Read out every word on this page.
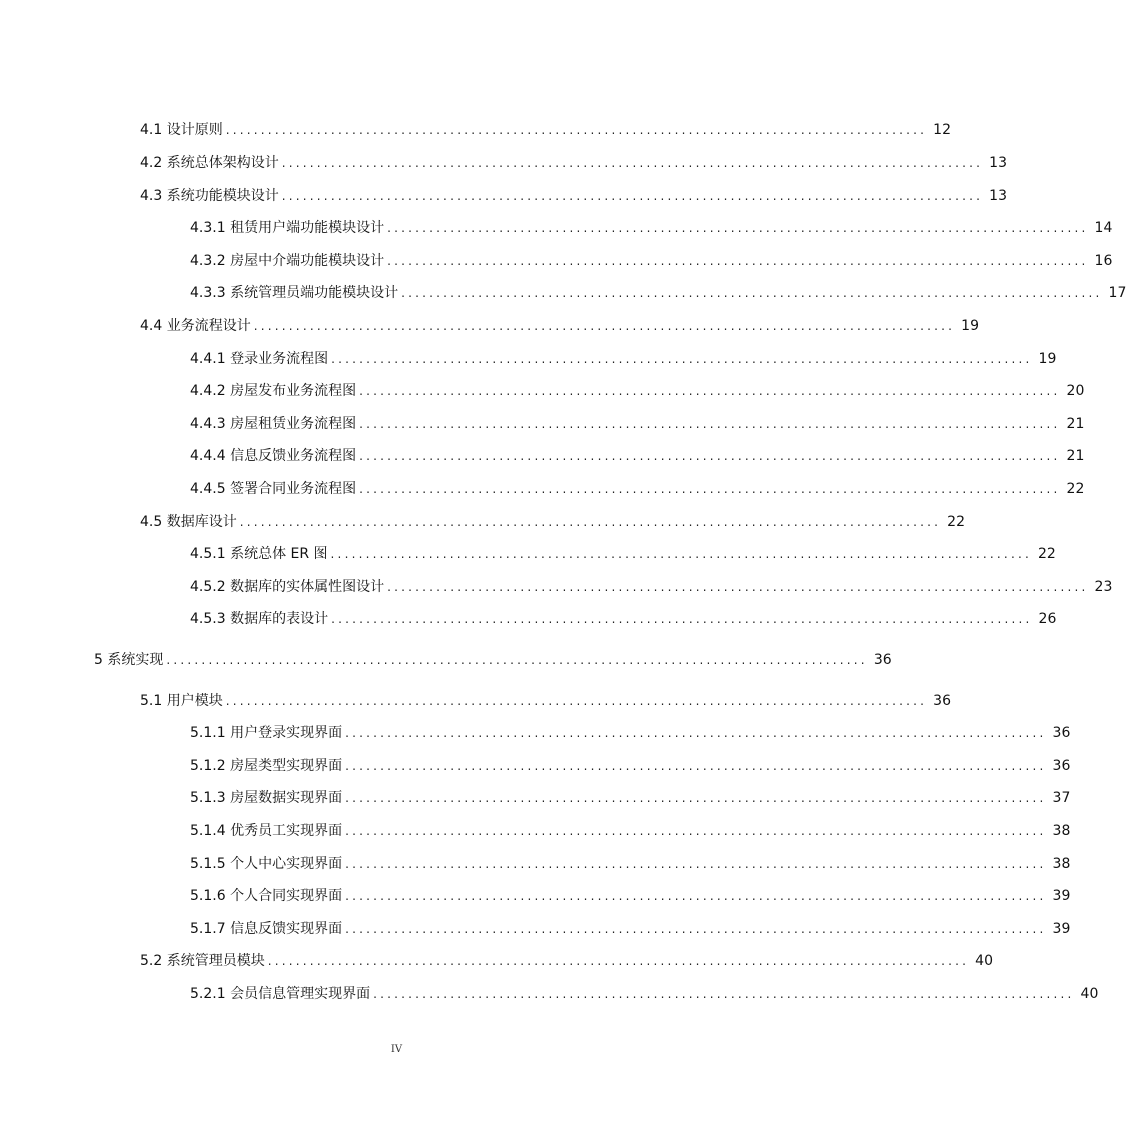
4.1 设计原则 .................................................................................................... 12
4.2 系统总体架构设计 .................................................................................................... 13
4.3 系统功能模块设计 .................................................................................................... 13
4.3.1 租赁用户端功能模块设计 .................................................................................................... 14
4.3.2 房屋中介端功能模块设计 .................................................................................................... 16
4.3.3 系统管理员端功能模块设计 .................................................................................................... 17
4.4 业务流程设计 .................................................................................................... 19
4.4.1 登录业务流程图 .................................................................................................... 19
4.4.2 房屋发布业务流程图 .................................................................................................... 20
4.4.3 房屋租赁业务流程图 .................................................................................................... 21
4.4.4 信息反馈业务流程图 .................................................................................................... 21
4.4.5 签署合同业务流程图 .................................................................................................... 22
4.5 数据库设计 .................................................................................................... 22
4.5.1 系统总体 ER 图 .................................................................................................... 22
4.5.2 数据库的实体属性图设计 .................................................................................................... 23
4.5.3 数据库的表设计 .................................................................................................... 26
5 系统实现 .................................................................................................... 36
5.1 用户模块 .................................................................................................... 36
5.1.1 用户登录实现界面 .................................................................................................... 36
5.1.2 房屋类型实现界面 .................................................................................................... 36
5.1.3 房屋数据实现界面 .................................................................................................... 37
5.1.4 优秀员工实现界面 .................................................................................................... 38
5.1.5 个人中心实现界面 .................................................................................................... 38
5.1.6 个人合同实现界面 .................................................................................................... 39
5.1.7 信息反馈实现界面 .................................................................................................... 39
5.2 系统管理员模块 .................................................................................................... 40
5.2.1 会员信息管理实现界面 .................................................................................................... 40
IV
